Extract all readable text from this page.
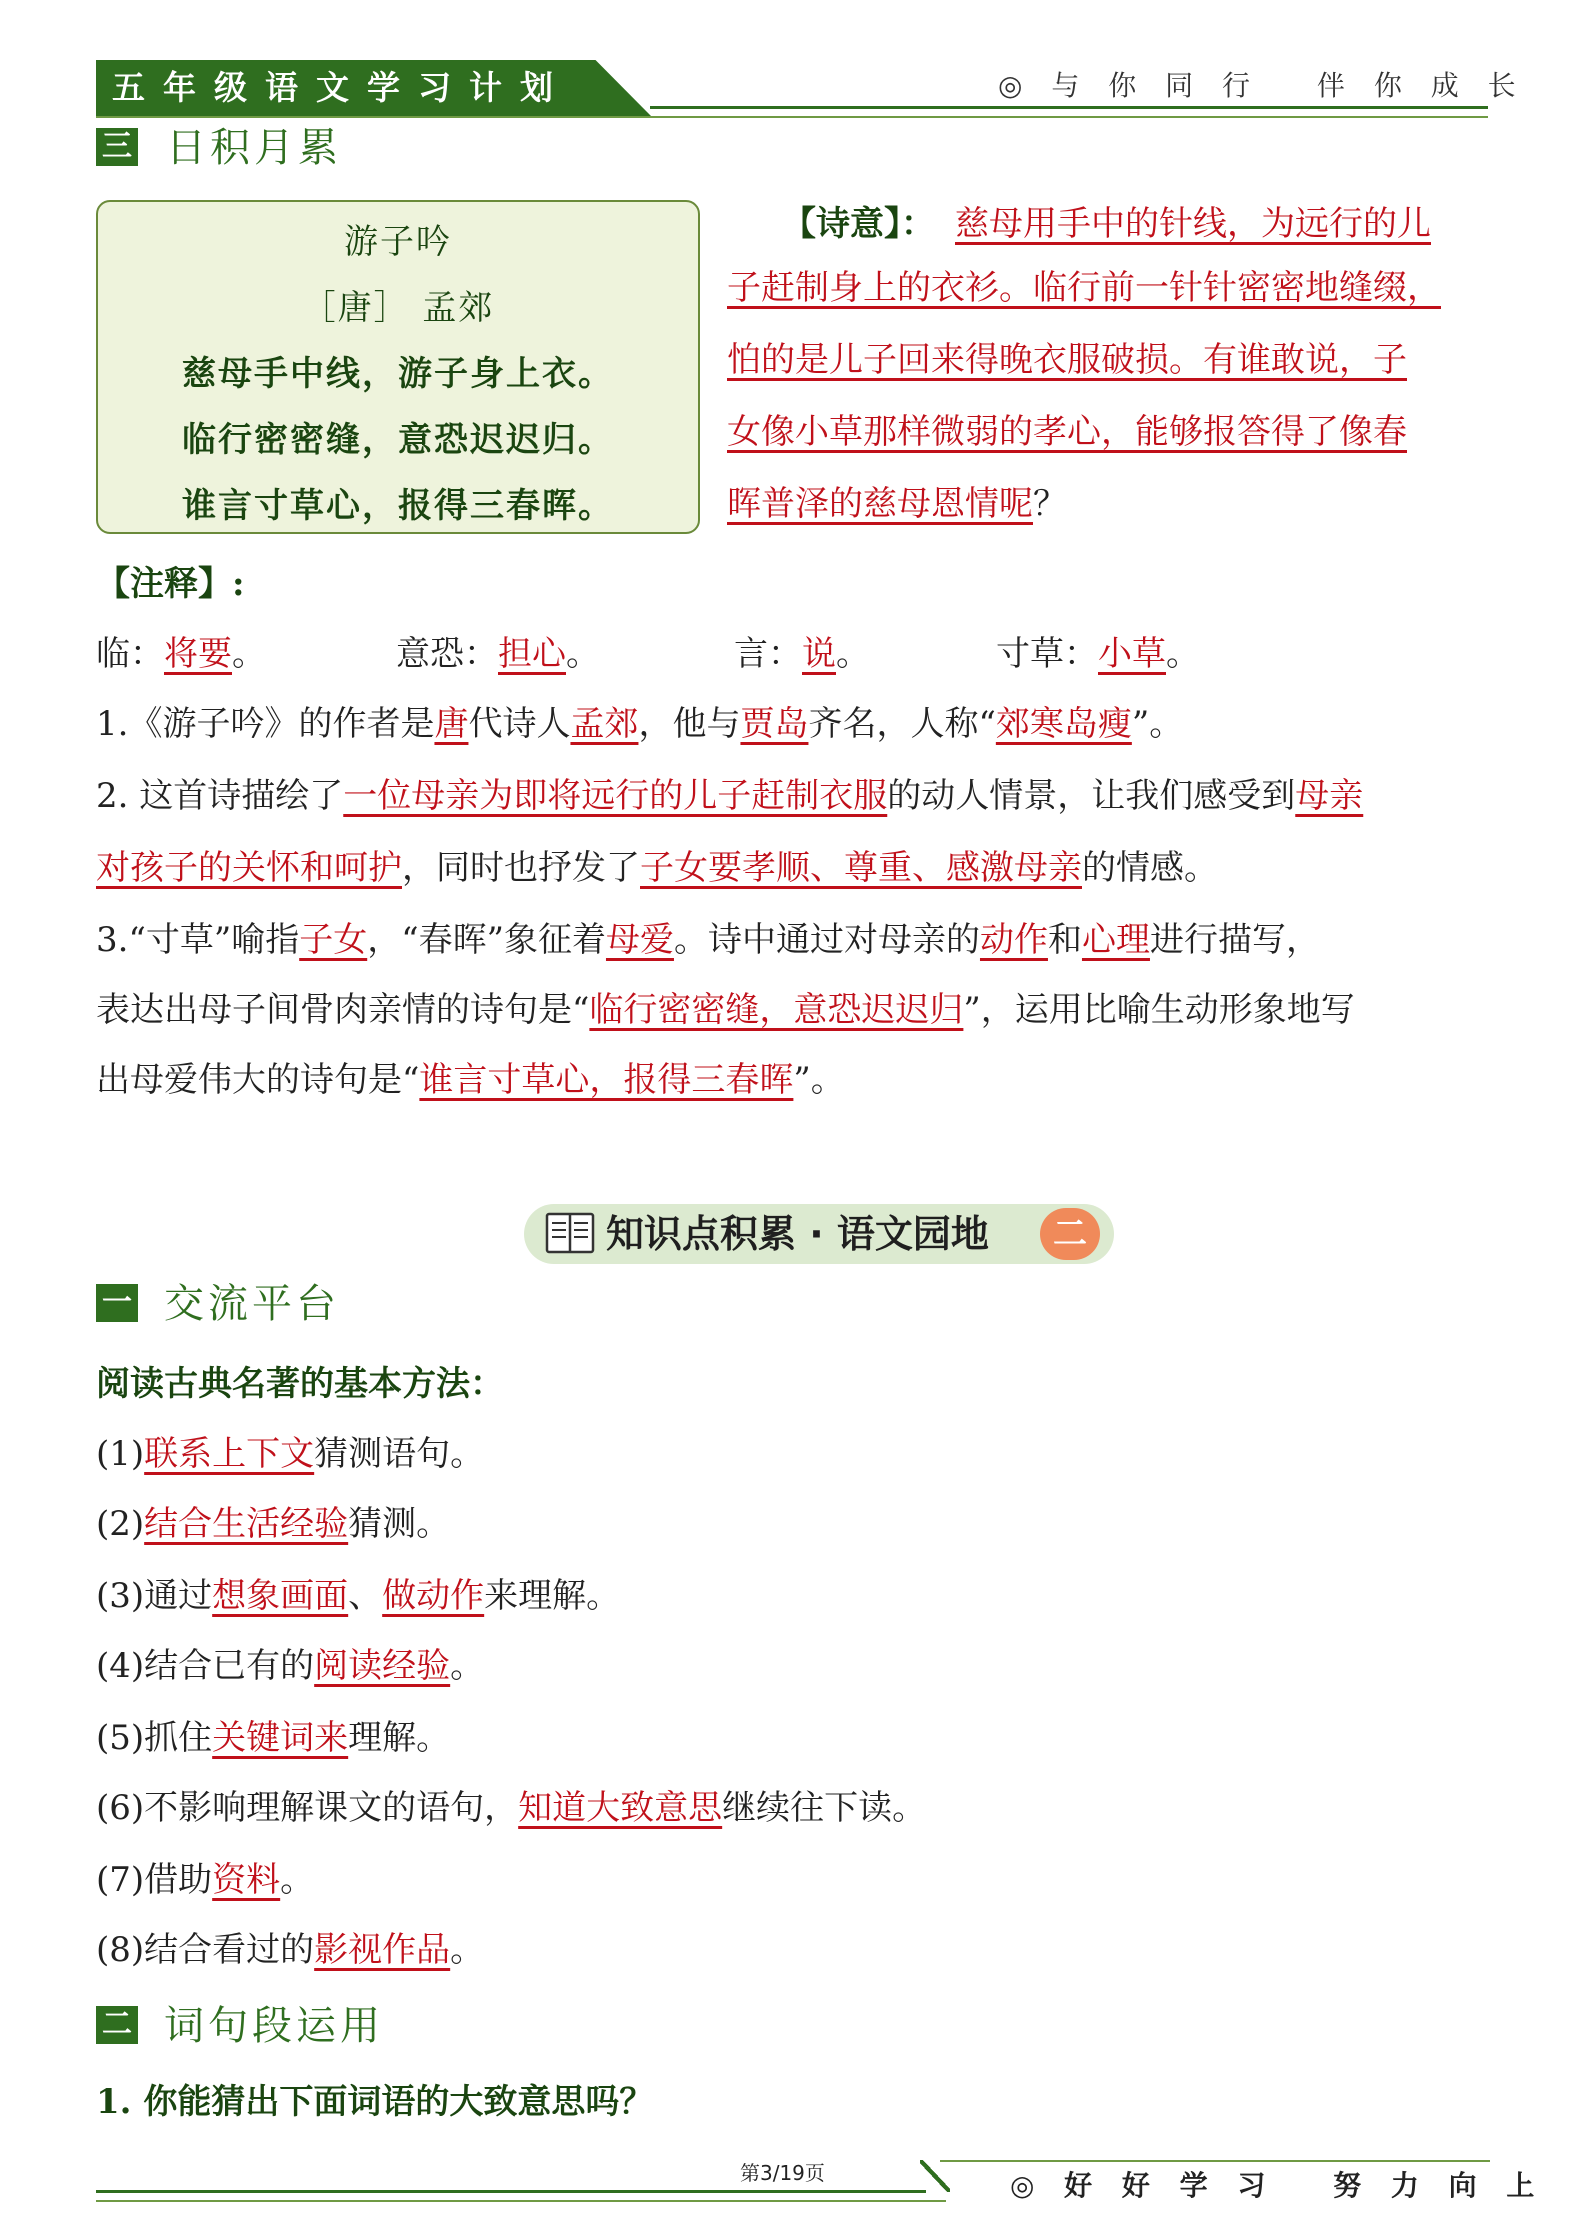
五年级语文学习计划	◎ 与 你 同 行　 伴 你 成 长
三 日积月累
游子吟
［唐］ 孟郊
慈母手中线，游子身上衣。
临行密密缝，意恐迟迟归。
谁言寸草心，报得三春晖。
【诗意】： 慈母用手中的针线，为远行的儿
子赶制身上的衣衫。临行前一针针密密地缝缀，
怕的是儿子回来得晚衣服破损。有谁敢说，子
女像小草那样微弱的孝心，能够报答得了像春
晖普泽的慈母恩情呢？
【注释】:
临：将要。	意恐：担心。	言：说。	寸草：小草。
1.《游子吟》的作者是唐代诗人孟郊，他与贾岛齐名，人称“郊寒岛瘦”。
2. 这首诗描绘了一位母亲为即将远行的儿子赶制衣服的动人情景，让我们感受到母亲
对孩子的关怀和呵护，同时也抒发了子女要孝顺、尊重、感激母亲的情感。
3.“寸草”喻指子女，“春晖”象征着母爱。诗中通过对母亲的动作和心理进行描写，
表达出母子间骨肉亲情的诗句是“临行密密缝，意恐迟迟归”，运用比喻生动形象地写
出母爱伟大的诗句是“谁言寸草心，报得三春晖”。
知识点积累 · 语文园地	二
一 交流平台
阅读古典名著的基本方法：
(1)联系上下文猜测语句。
(2)结合生活经验猜测。
(3)通过想象画面、做动作来理解。
(4)结合已有的阅读经验。
(5)抓住关键词来理解。
(6)不影响理解课文的语句，知道大致意思继续往下读。
(7)借助资料。
(8)结合看过的影视作品。
二 词句段运用
1. 你能猜出下面词语的大致意思吗？
第3/19页	◎ 好 好 学 习　 努 力 向 上
